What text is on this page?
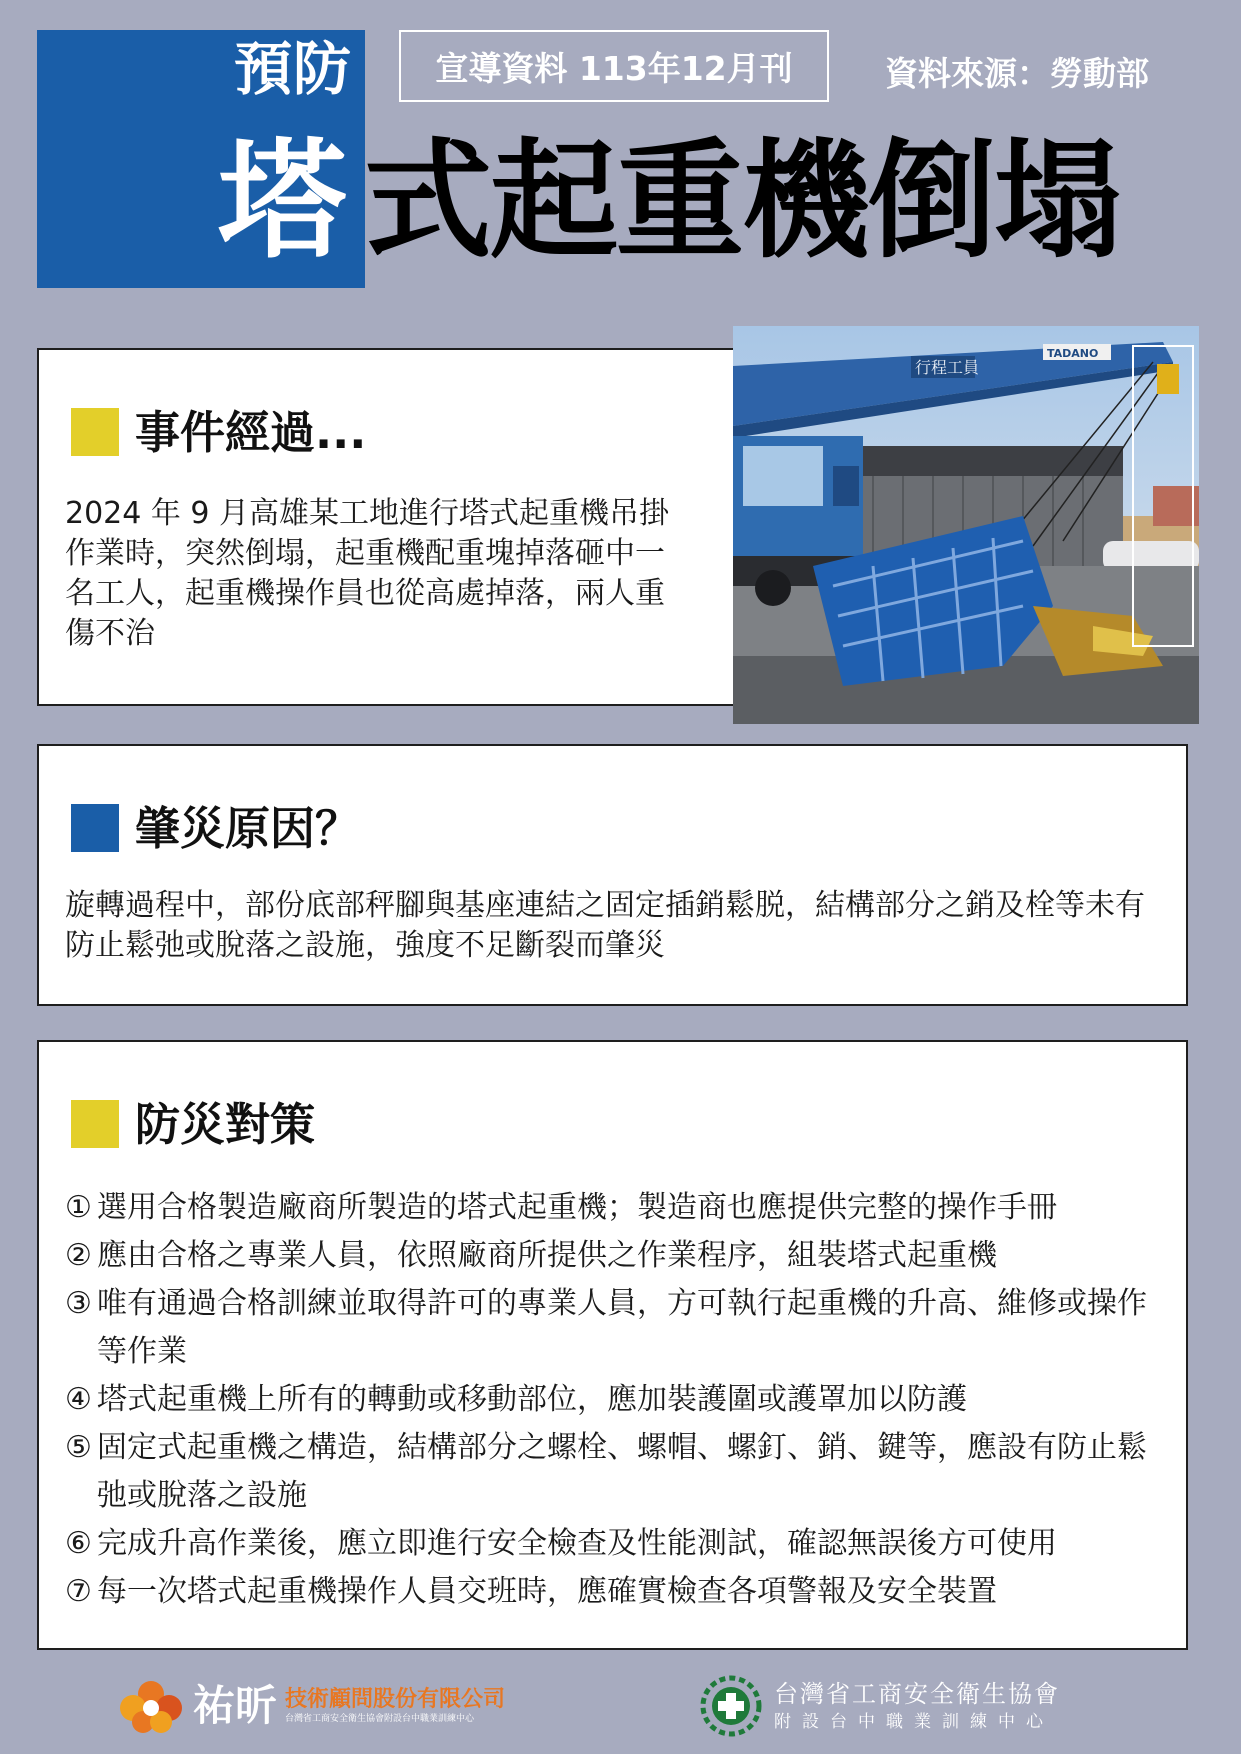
預防
塔 式起重機倒塌
宣導資料 113年12月刊	資料來源：勞動部
事件經過...
2024 年 9 月高雄某工地進行塔式起重機吊掛作業時，突然倒塌，起重機配重塊掉落砸中一名工人，起重機操作員也從高處掉落，兩人重傷不治
行程工員
TADANO
肇災原因？
旋轉過程中，部份底部秤腳與基座連結之固定插銷鬆脱，結構部分之銷及栓等未有防止鬆弛或脫落之設施，強度不足斷裂而肇災
防災對策
① 選用合格製造廠商所製造的塔式起重機；製造商也應提供完整的操作手冊
② 應由合格之專業人員，依照廠商所提供之作業程序，組裝塔式起重機
③ 唯有通過合格訓練並取得許可的專業人員，方可執行起重機的升高、維修或操作等作業
④ 塔式起重機上所有的轉動或移動部位，應加裝護圍或護罩加以防護
⑤ 固定式起重機之構造，結構部分之螺栓、螺帽、螺釘、銷、鍵等，應設有防止鬆弛或脫落之設施
⑥ 完成升高作業後，應立即進行安全檢查及性能測試，確認無誤後方可使用
⑦ 每一次塔式起重機操作人員交班時，應確實檢查各項警報及安全裝置
祐昕 技術顧問股份有限公司
台灣省工商安全衛生協會附設台中職業訓練中心
台灣省工商安全衛生協會
附設台中職業訓練中心
